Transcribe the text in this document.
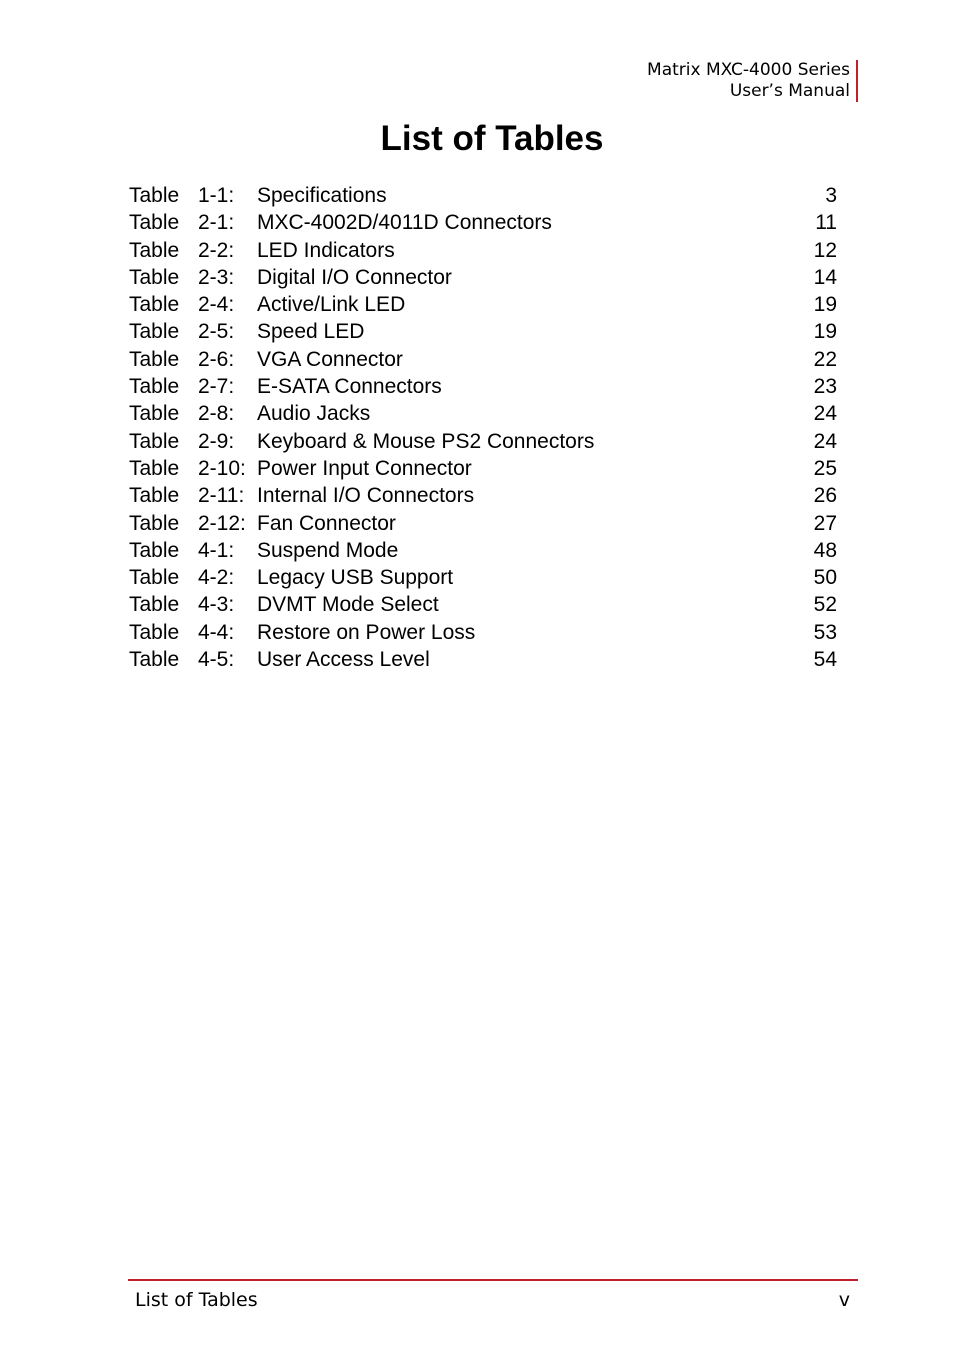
Matrix MXC-4000 Series
User’s Manual
List of Tables
Table 1-1:	Specifications	3
Table 2-1:	MXC-4002D/4011D Connectors	11
Table 2-2:	LED Indicators	12
Table 2-3:	Digital I/O Connector	14
Table 2-4:	Active/Link LED	19
Table 2-5:	Speed LED	19
Table 2-6:	VGA Connector	22
Table 2-7:	E-SATA Connectors	23
Table 2-8:	Audio Jacks	24
Table 2-9:	Keyboard & Mouse PS2 Connectors	24
Table 2-10: Power Input Connector	25
Table 2-11: Internal I/O Connectors	26
Table 2-12: Fan Connector	27
Table 4-1:	Suspend Mode	48
Table 4-2:	Legacy USB Support	50
Table 4-3:	DVMT Mode Select	52
Table 4-4:	Restore on Power Loss	53
Table 4-5:	User Access Level	54
List of Tables	v
